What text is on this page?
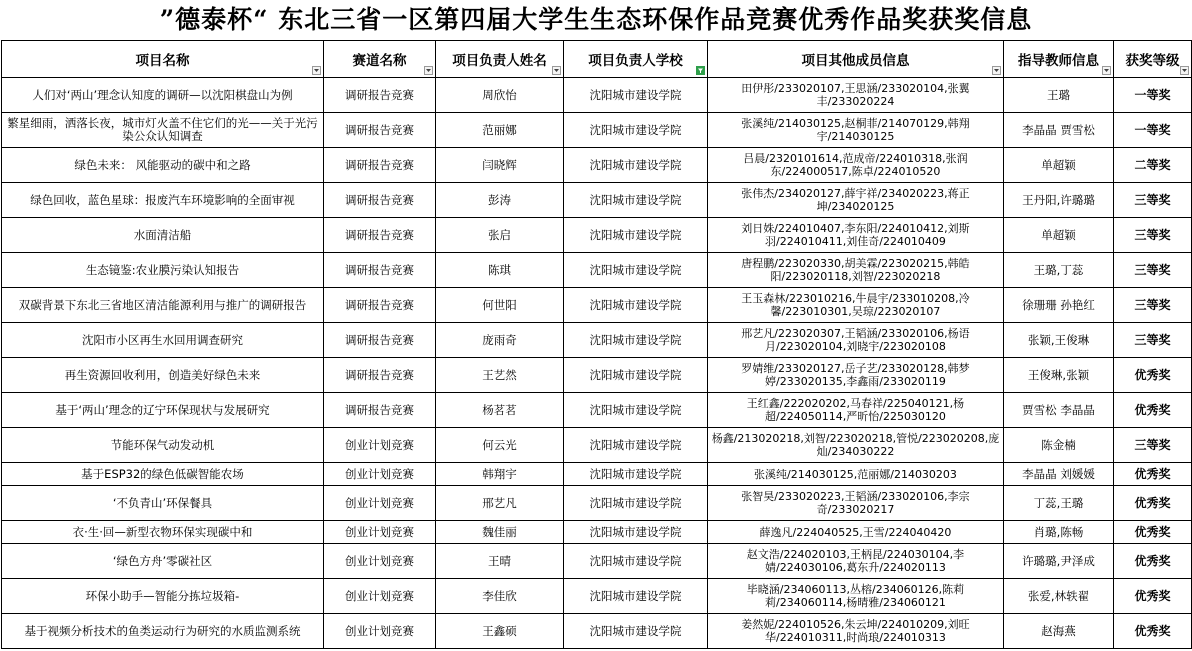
”德泰杯“ 东北三省一区第四届大学生生态环保作品竞赛优秀作品奖获奖信息
项目名称	赛道名称	项目负责人姓名	项目负责人学校	项目其他成员信息	指导教师信息	获奖等级

人们对‘两山’理念认知度的调研—以沈阳棋盘山为例	调研报告竞赛	周欣怡	沈阳城市建设学院	田伊彤/233020107,王思涵/233020104,张翼丰/233020224	王璐	一等奖
繁星细雨，洒落长夜，城市灯火盖不住它们的光——关于光污染公众认知调查	调研报告竞赛	范丽娜	沈阳城市建设学院	张溪纯/214030125,赵桐菲/214070129,韩翔宇/214030125	李晶晶 贾雪松	一等奖
绿色未来： 风能驱动的碳中和之路	调研报告竞赛	闫晓辉	沈阳城市建设学院	吕晨/2320101614,范成帝/224010318,张润东/224000517,陈卓/224010520	单超颖	二等奖
绿色回收，蓝色星球：报废汽车环境影响的全面审视	调研报告竞赛	彭涛	沈阳城市建设学院	张伟杰/234020127,薛宇祥/234020223,蒋正坤/234020125	王丹阳,许璐璐	三等奖
水面清洁船	调研报告竞赛	张启	沈阳城市建设学院	刘日姝/224010407,李东阳/224010412,刘斯羽/224010411,刘佳奇/224010409	单超颖	三等奖
生态镜鉴:农业膜污染认知报告	调研报告竞赛	陈琪	沈阳城市建设学院	唐程鹏/223020330,胡美霖/223020215,韩皓阳/223020118,刘智/223020218	王璐,丁蕊	三等奖
双碳背景下东北三省地区清洁能源利用与推广的调研报告	调研报告竞赛	何世阳	沈阳城市建设学院	王玉森林/223010216,牛晨宇/233010208,冷馨/223010301,吴琼/223020107	徐珊珊 孙艳红	三等奖
沈阳市小区再生水回用调查研究	调研报告竞赛	庞雨奇	沈阳城市建设学院	邢艺凡/223020307,王韬涵/233020106,杨语月/223020104,刘晓宇/223020108	张颖,王俊琳	三等奖
再生资源回收利用，创造美好绿色未来	调研报告竞赛	王艺然	沈阳城市建设学院	罗婧维/233020127,岳子艺/233020128,韩梦婷/233020135,李鑫雨/233020119	王俊琳,张颖	优秀奖
基于‘两山’理念的辽宁环保现状与发展研究	调研报告竞赛	杨茗茗	沈阳城市建设学院	王红鑫/222020202,马春祥/225040121,杨超/224050114,严昕怡/225030120	贾雪松 李晶晶	优秀奖
节能环保气动发动机	创业计划竞赛	何云光	沈阳城市建设学院	杨鑫/213020218,刘智/223020218,管悦/223020208,庞灿/234030222	陈金楠	三等奖
基于ESP32的绿色低碳智能农场	创业计划竞赛	韩翔宇	沈阳城市建设学院	张溪纯/214030125,范丽娜/214030203	李晶晶 刘媛媛	优秀奖
‘不负青山’环保餐具	创业计划竞赛	邢艺凡	沈阳城市建设学院	张智昊/233020223,王韬涵/233020106,李宗奇/233020217	丁蕊,王璐	优秀奖
衣·生·回—新型衣物环保实现碳中和	创业计划竞赛	魏佳丽	沈阳城市建设学院	薛逸凡/224040525,王雪/224040420	肖璐,陈畅	优秀奖
‘绿色方舟’零碳社区	创业计划竞赛	王晴	沈阳城市建设学院	赵文浩/224020103,王柄昆/224030104,李婧/224030106,葛东升/224020113	许璐璐,尹泽成	优秀奖
环保小助手—智能分拣垃圾箱-	创业计划竞赛	李佳欣	沈阳城市建设学院	毕晓涵/234060113,丛榕/234060126,陈莉莉/234060114,杨晴雅/234060121	张爱,林轶翟	优秀奖
基于视频分析技术的鱼类运动行为研究的水质监测系统	创业计划竞赛	王鑫硕	沈阳城市建设学院	姜然妮/224010526,朱云坤/224010209,刘旺华/224010311,时尚琅/224010313	赵海燕	优秀奖
